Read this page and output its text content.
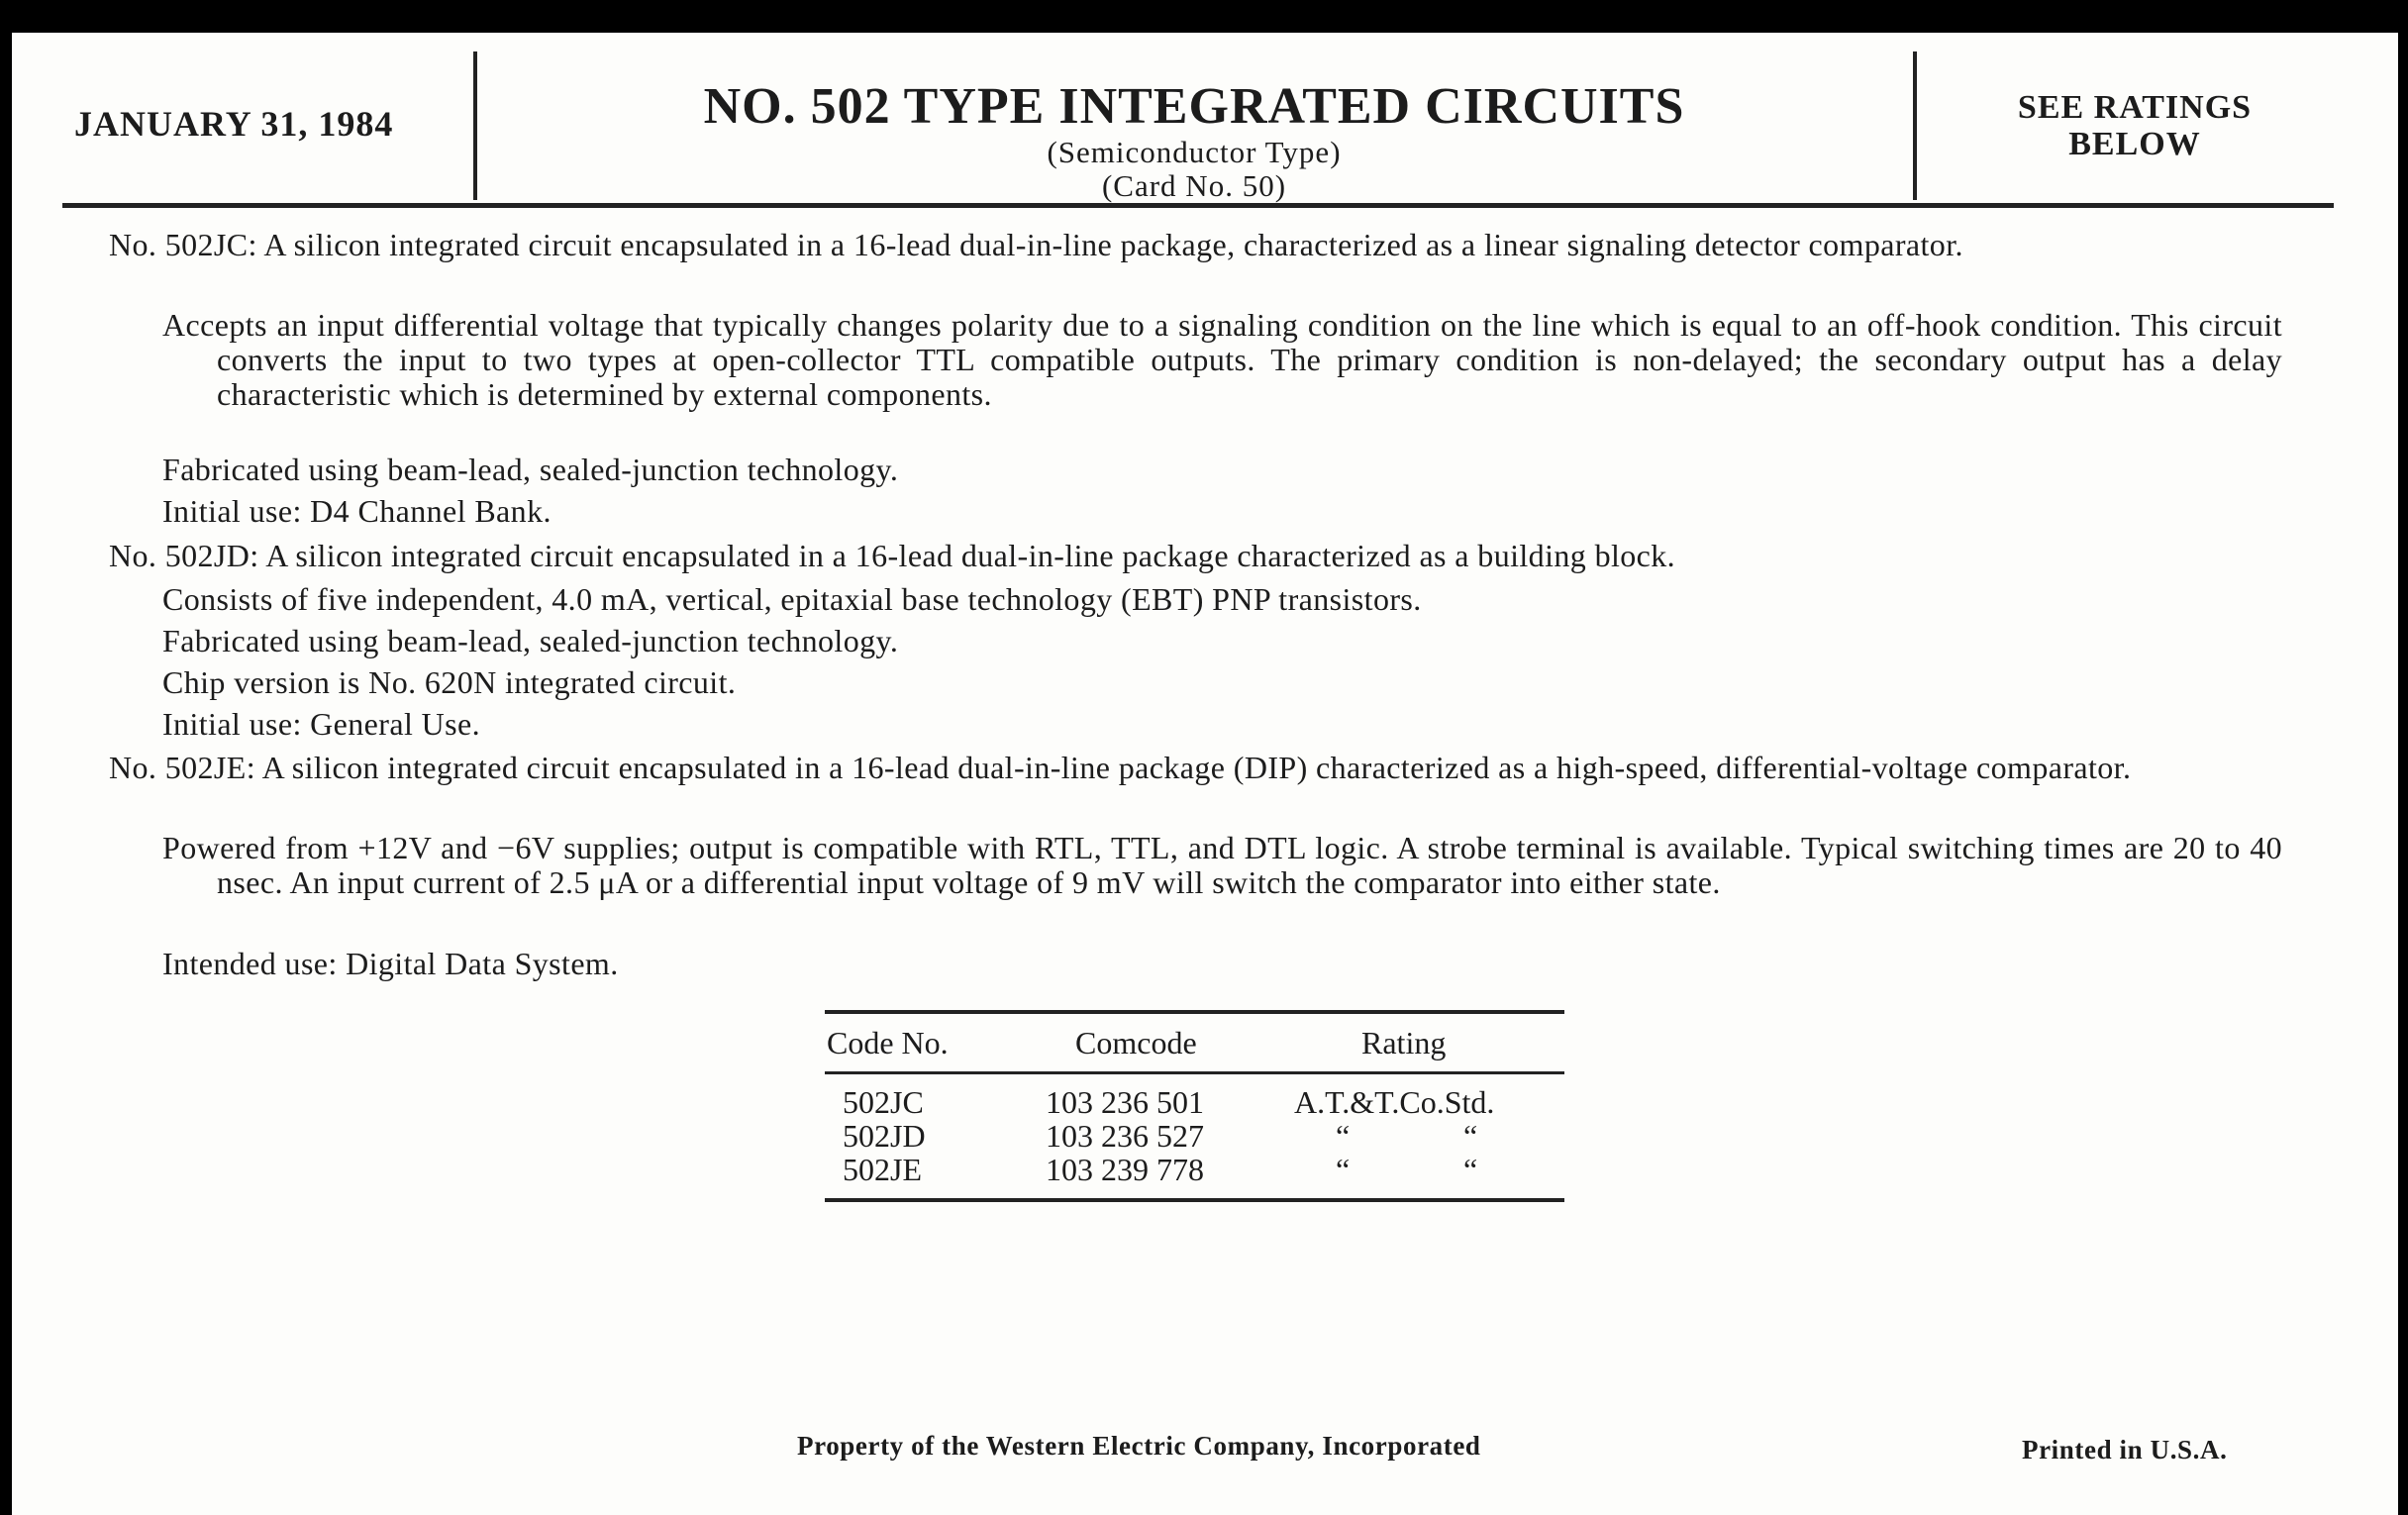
JANUARY 31, 1984	NO. 502 TYPE INTEGRATED CIRCUITS
(Semiconductor Type)
(Card No. 50)
SEE RATINGS
BELOW
No. 502JC: A silicon integrated circuit encapsulated in a 16-lead dual-in-line package, characterized as a linear signaling detector comparator.
Accepts an input differential voltage that typically changes polarity due to a signaling condition on the line which is equal to an off-hook condition. This circuit converts the input to two types at open-collector TTL compatible outputs. The primary condition is non-delayed; the secondary output has a delay characteristic which is determined by external components.
Fabricated using beam-lead, sealed-junction technology.
Initial use: D4 Channel Bank.
No. 502JD: A silicon integrated circuit encapsulated in a 16-lead dual-in-line package characterized as a building block.
Consists of five independent, 4.0 mA, vertical, epitaxial base technology (EBT) PNP transistors.
Fabricated using beam-lead, sealed-junction technology.
Chip version is No. 620N integrated circuit.
Initial use: General Use.
No. 502JE: A silicon integrated circuit encapsulated in a 16-lead dual-in-line package (DIP) characterized as a high-speed, differential-voltage comparator.
Powered from +12V and −6V supplies; output is compatible with RTL, TTL, and DTL logic. A strobe terminal is available. Typical switching times are 20 to 40 nsec. An input current of 2.5 μA or a differential input voltage of 9 mV will switch the comparator into either state.
Intended use: Digital Data System.
Code No.	Comcode	Rating
502JC	103 236 501	A.T.&T.Co.Std.
502JD	103 236 527	“	“
502JE	103 239 778	“	“
Property of the Western Electric Company, Incorporated	Printed in U.S.A.
